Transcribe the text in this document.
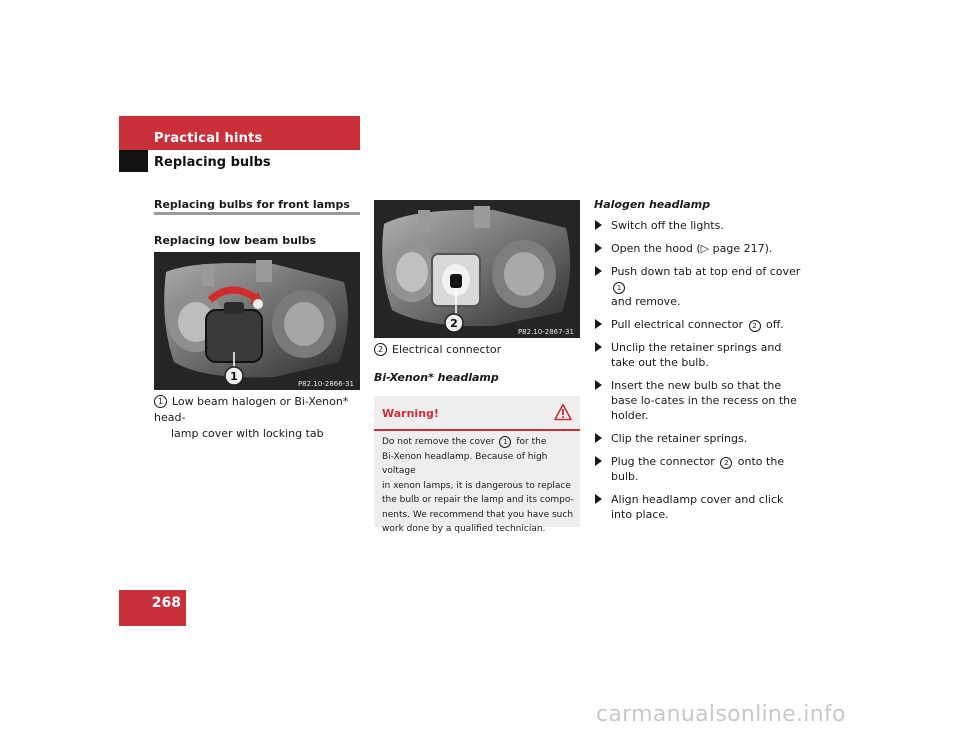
Practical hints
Replacing bulbs
268
Replacing bulbs for front lamps
Replacing low beam bulbs
1
P82.10-2866-31
1 Low beam halogen or Bi-Xenon* head-
lamp cover with locking tab
2
P82.10-2867-31
2 Electrical connector
Bi-Xenon* headlamp
Warning!
Do not remove the cover 1 for the
Bi-Xenon headlamp. Because of high voltage
in xenon lamps, it is dangerous to replace
the bulb or repair the lamp and its compo-
nents. We recommend that you have such
work done by a qualified technician.
Halogen headlamp
Switch off the lights.
Open the hood (▷ page 217).
Push down tab at top end of cover 1
and remove.
Pull electrical connector 2 off.
Unclip the retainer springs and take out the bulb.
Insert the new bulb so that the base lo-cates in the recess on the holder.
Clip the retainer springs.
Plug the connector 2 onto the bulb.
Align headlamp cover and click into place.
carmanualsonline.info
